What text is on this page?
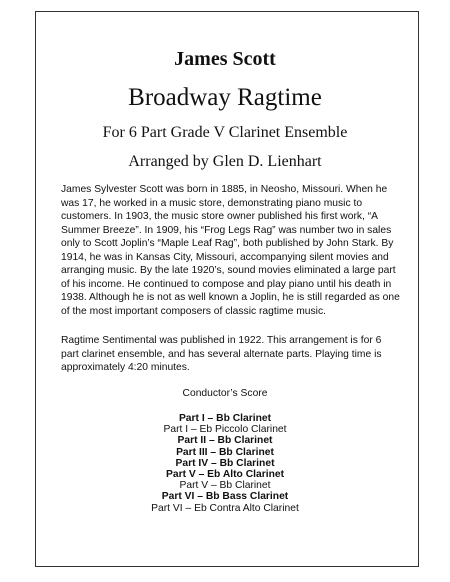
James Scott
Broadway Ragtime

For 6 Part Grade V Clarinet Ensemble

Arranged by Glen D. Lienhart

James Sylvester Scott was born in 1885, in Neosho, Missouri. When he was 17, he worked in a music store, demonstrating piano music to customers. In 1903, the music store owner published his first work, “A Summer Breeze”. In 1909, his “Frog Legs Rag” was number two in sales only to Scott Joplin’s “Maple Leaf Rag”, both published by John Stark. By 1914, he was in Kansas City, Missouri, accompanying silent movies and arranging music. By the late 1920’s, sound movies eliminated a large part of his income. He continued to compose and play piano until his death in 1938. Although he is not as well known a Joplin, he is still regarded as one of the most important composers of classic ragtime music.

Ragtime Sentimental was published in 1922. This arrangement is for 6 part clarinet ensemble, and has several alternate parts. Playing time is approximately 4:20 minutes.

Conductor’s Score

Part I – Bb Clarinet
Part I – Eb Piccolo Clarinet
Part II – Bb Clarinet
Part III – Bb Clarinet
Part IV – Bb Clarinet
Part V – Eb Alto Clarinet
Part V – Bb Clarinet
Part VI – Bb Bass Clarinet
Part VI – Eb Contra Alto Clarinet
